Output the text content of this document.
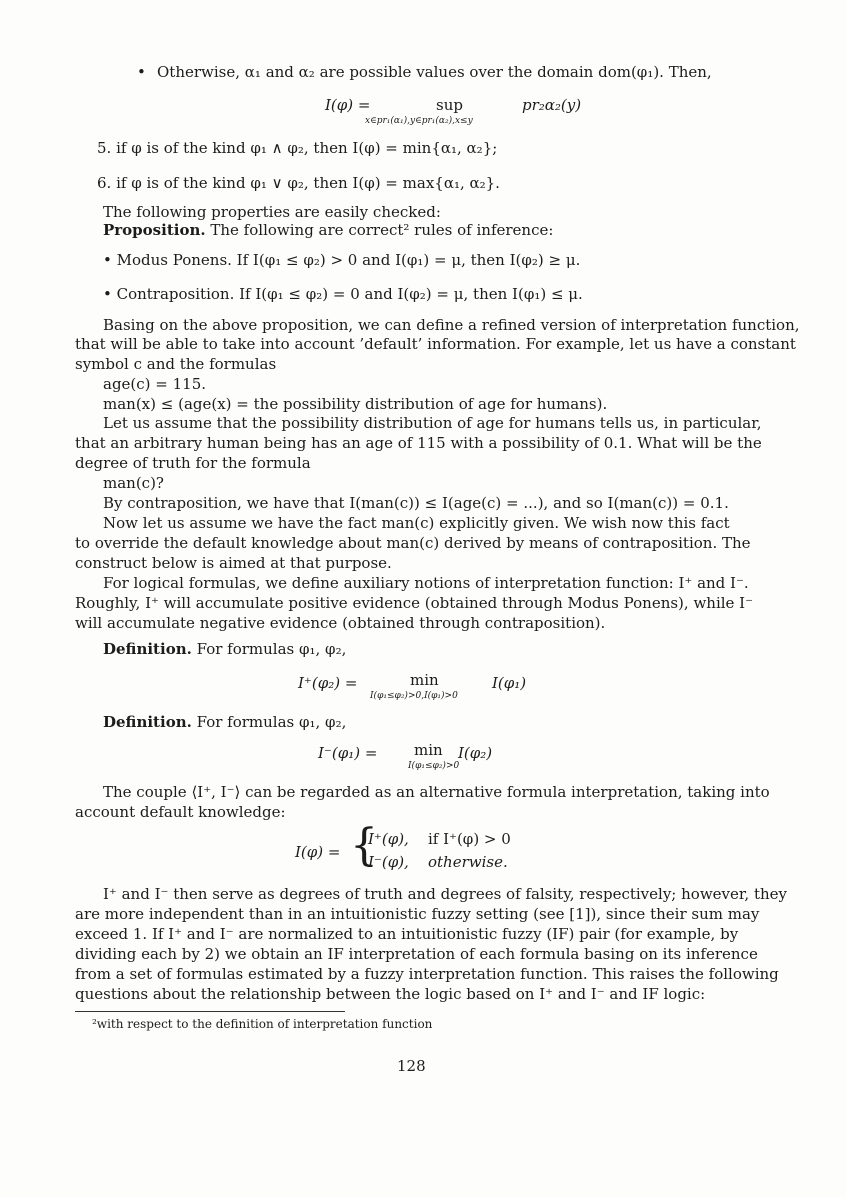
• Otherwise, α₁ and α₂ are possible values over the domain dom(φ₁). Then,
I(φ) =	sup	pr₂α₂(y)
x∈pr₁(α₁),y∈pr₁(α₂),x≤y
5. if φ is of the kind φ₁ ∧ φ₂, then I(φ) = min{α₁, α₂};
6. if φ is of the kind φ₁ ∨ φ₂, then I(φ) = max{α₁, α₂}.
The following properties are easily checked:
Proposition. The following are correct² rules of inference:
• Modus Ponens. If I(φ₁ ≤ φ₂) > 0 and I(φ₁) = μ, then I(φ₂) ≥ μ.
• Contraposition. If I(φ₁ ≤ φ₂) = 0 and I(φ₂) = μ, then I(φ₁) ≤ μ.
Basing on the above proposition, we can define a refined version of interpretation function,
that will be able to take into account ’default’ information. For example, let us have a constant
symbol c and the formulas
age(c) = 115.
man(x) ≤ (age(x) = the possibility distribution of age for humans).
Let us assume that the possibility distribution of age for humans tells us, in particular,
that an arbitrary human being has an age of 115 with a possibility of 0.1. What will be the
degree of truth for the formula
man(c)?
By contraposition, we have that I(man(c)) ≤ I(age(c) = ...), and so I(man(c)) = 0.1.
Now let us assume we have the fact man(c) explicitly given. We wish now this fact
to override the default knowledge about man(c) derived by means of contraposition. The
construct below is aimed at that purpose.
For logical formulas, we define auxiliary notions of interpretation function: I⁺ and I⁻.
Roughly, I⁺ will accumulate positive evidence (obtained through Modus Ponens), while I⁻
will accumulate negative evidence (obtained through contraposition).
Definition. For formulas φ₁, φ₂,
I⁺(φ₂) =	min	I(φ₁)
I(φ₁≤φ₂)>0,I(φ₁)>0
Definition. For formulas φ₁, φ₂,
I⁻(φ₁) = min I(φ₂)
I(φ₁≤φ₂)>0
The couple ⟨I⁺, I⁻⟩ can be regarded as an alternative formula interpretation, taking into
account default knowledge:
I(φ) = {
I⁺(φ), if I⁺(φ) > 0
I⁻(φ), otherwise.
I⁺ and I⁻ then serve as degrees of truth and degrees of falsity, respectively; however, they
are more independent than in an intuitionistic fuzzy setting (see [1]), since their sum may
exceed 1. If I⁺ and I⁻ are normalized to an intuitionistic fuzzy (IF) pair (for example, by
dividing each by 2) we obtain an IF interpretation of each formula basing on its inference
from a set of formulas estimated by a fuzzy interpretation function. This raises the following
questions about the relationship between the logic based on I⁺ and I⁻ and IF logic:
²with respect to the definition of interpretation function
128
